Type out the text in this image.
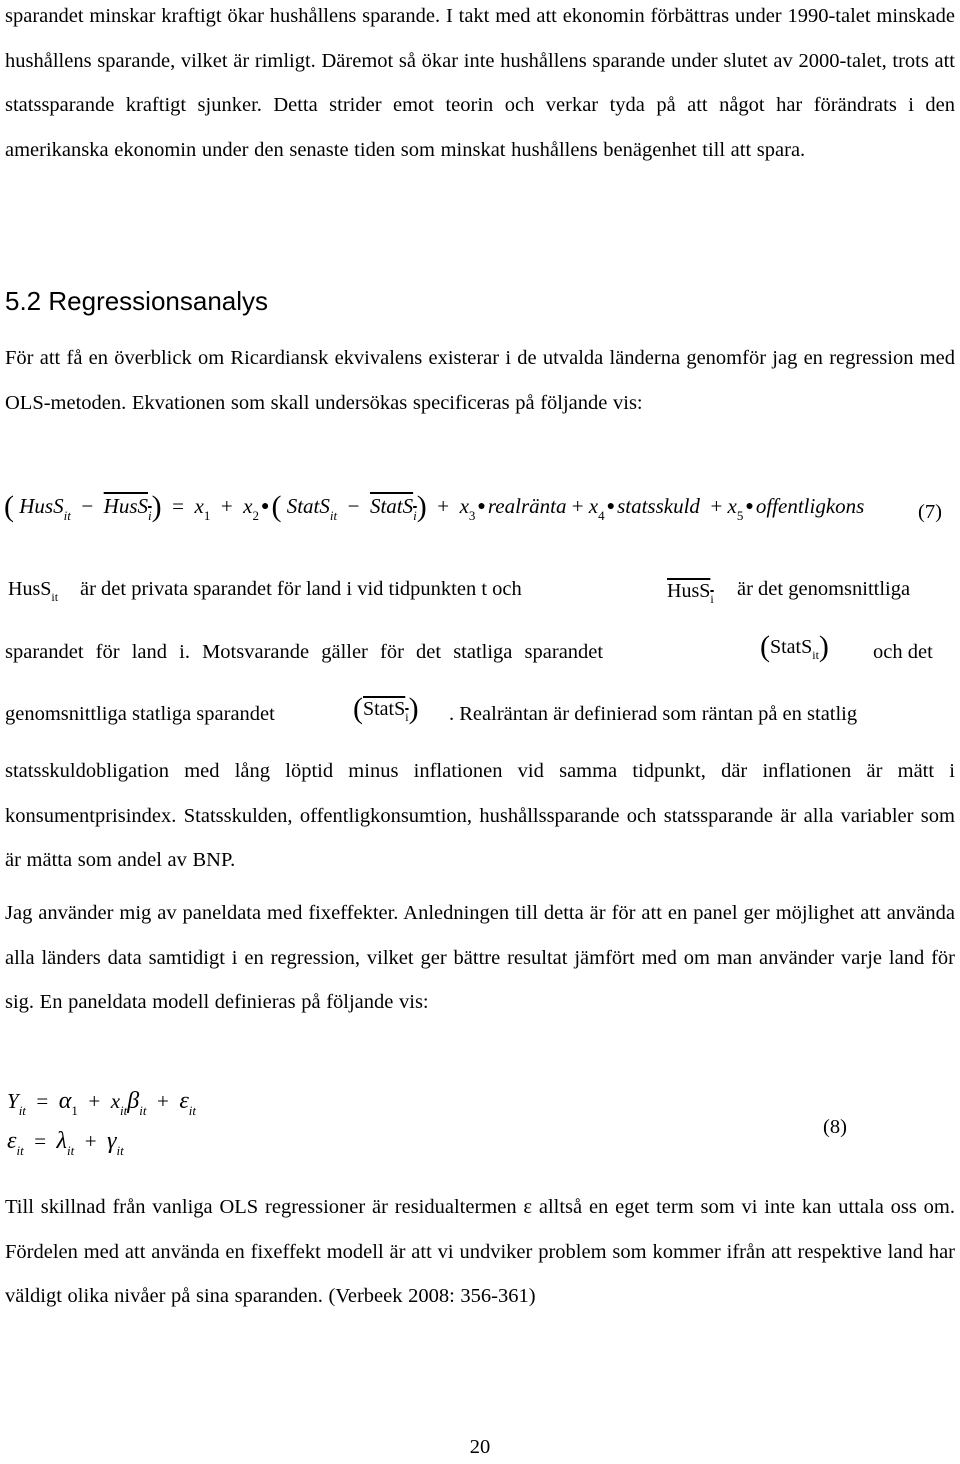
sparandet minskar kraftigt ökar hushållens sparande. I takt med att ekonomin förbättras under 1990-talet minskade hushållens sparande, vilket är rimligt. Däremot så ökar inte hushållens sparande under slutet av 2000-talet, trots att statssparande kraftigt sjunker. Detta strider emot teorin och verkar tyda på att något har förändrats i den amerikanska ekonomin under den senaste tiden som minskat hushållens benägenhet till att spara.

5.2 Regressionsanalys

För att få en överblick om Ricardiansk ekvivalens existerar i de utvalda länderna genomför jag en regression med OLS-metoden. Ekvationen som skall undersökas specificeras på följande vis:

( HusS$_{it}$  −  HusS$_i$)  =  $x_1$  +  $x_2●$( StatS$_{it}$  −  StatS$_i$)  +  $x_3●realränta$ + $x_4●statsskuld$  + $x_5●offentligkons$	(7)
HusS$_{it}$ är det privata sparandet för land i vid tidpunkten t och	HusS$_i$ är det genomsnittliga
sparandet för land i. Motsvarande gäller för det statliga sparandet	(StatS$_{it}$) och det
genomsnittliga statliga sparandet	(StatS$_i$) . Realräntan är definierad som räntan på en statlig

statsskuldobligation med lång löptid minus inflationen vid samma tidpunkt, där inflationen är mätt i konsumentprisindex. Statsskulden, offentligkonsumtion, hushållssparande och statssparande är alla variabler som är mätta som andel av BNP.

Jag använder mig av paneldata med fixeffekter. Anledningen till detta är för att en panel ger möjlighet att använda alla länders data samtidigt i en regression, vilket ger bättre resultat jämfört med om man använder varje land för sig. En paneldata modell definieras på följande vis:

$Y_{it} = \alpha_1 + x_{it}\beta_{it} + \varepsilon_{it}$
$\varepsilon_{it} = \lambda_{it} + \gamma_{it}$
(8)

Till skillnad från vanliga OLS regressioner är residualtermen ε alltså en eget term som vi inte kan uttala oss om. Fördelen med att använda en fixeffekt modell är att vi undviker problem som kommer ifrån att respektive land har väldigt olika nivåer på sina sparanden. (Verbeek 2008: 356-361)

20
